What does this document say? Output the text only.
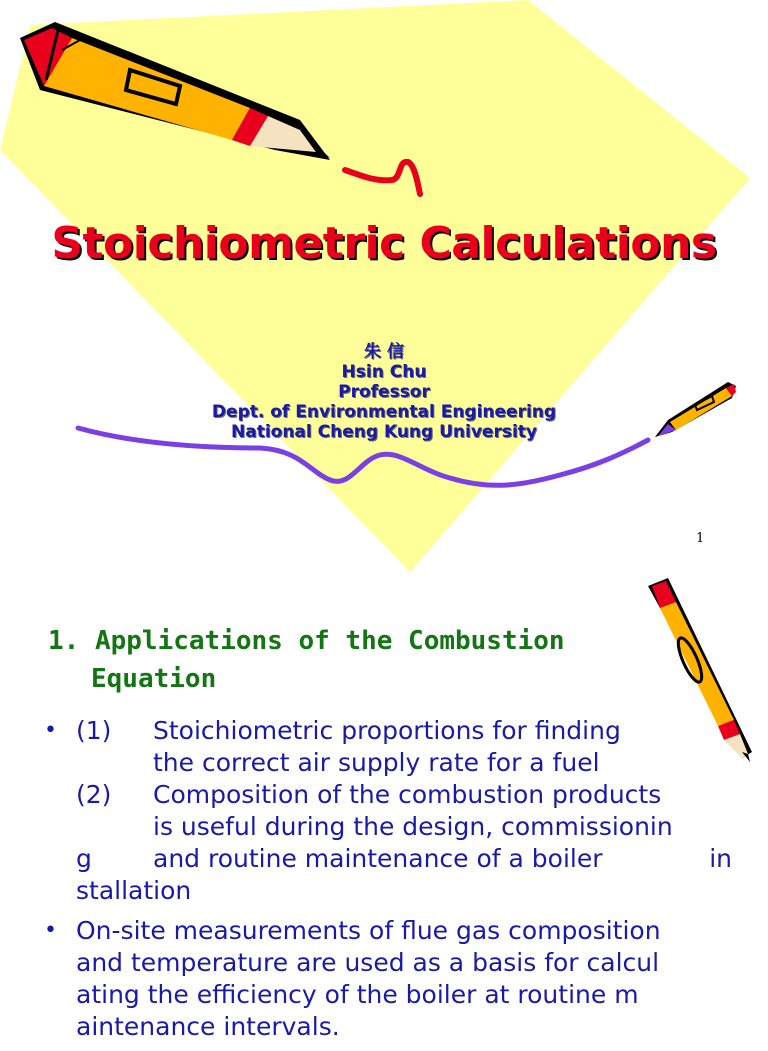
Stoichiometric Calculations
朱 信
Hsin Chu
Professor
Dept. of Environmental Engineering
National Cheng Kung University
1
1. Applications of the Combustion
Equation
• (1)	Stoichiometric proportions for finding
the correct air supply rate for a fuel
(2)	Composition of the combustion products
is useful during the design, commissionin
g	and routine maintenance of a boiler	in
stallation
• On-site measurements of flue gas composition
and temperature are used as a basis for calcul
ating the efficiency of the boiler at routine m
aintenance intervals.
